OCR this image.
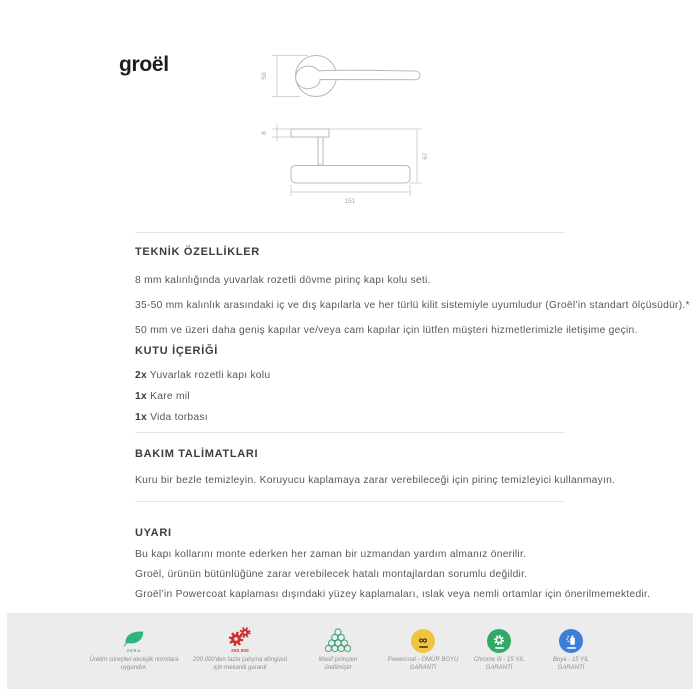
groël	50
8
67
151
TEKNİK ÖZELLİKLER

8 mm kalınlığında yuvarlak rozetli dövme pirinç kapı kolu seti.

35-50 mm kalınlık arasındaki iç ve dış kapılarla ve her türlü kilit sistemiyle uyumludur (Groël’in standart ölçüsüdür).*

50 mm ve üzeri daha geniş kapılar ve/veya cam kapılar için lütfen müşteri hizmetlerimizle iletişime geçin.

KUTU İÇERİĞİ

2x Yuvarlak rozetli kapı kolu

1x Kare mil

1x Vida torbası

BAKIM TALİMATLARI

Kuru bir bezle temizleyin. Koruyucu kaplamaya zarar verebileceği için pirinç temizleyici kullanmayın.

UYARI

Bu kapı kollarını monte ederken her zaman bir uzmandan yardım almanız önerilir.

Groël, ürünün bütünlüğüne zarar verebilecek hatalı montajlardan sorumlu değildir.

Groël’in Powercoat kaplaması dışındaki yüzey kaplamaları, ıslak veya nemli ortamlar için önerilmemektedir.

ZERO
Üretim süreçleri ekolojik normlara uygundur.
200.000
200.000'den fazla çalışma döngüsü için mekanik garanti
Masif pirinçten üretilmiştir
∞
Powercoat - ÖMÜR BOYU GARANTİ
Chrome III - 15 YIL GARANTİ
Boya - 15 YIL GARANTİ
